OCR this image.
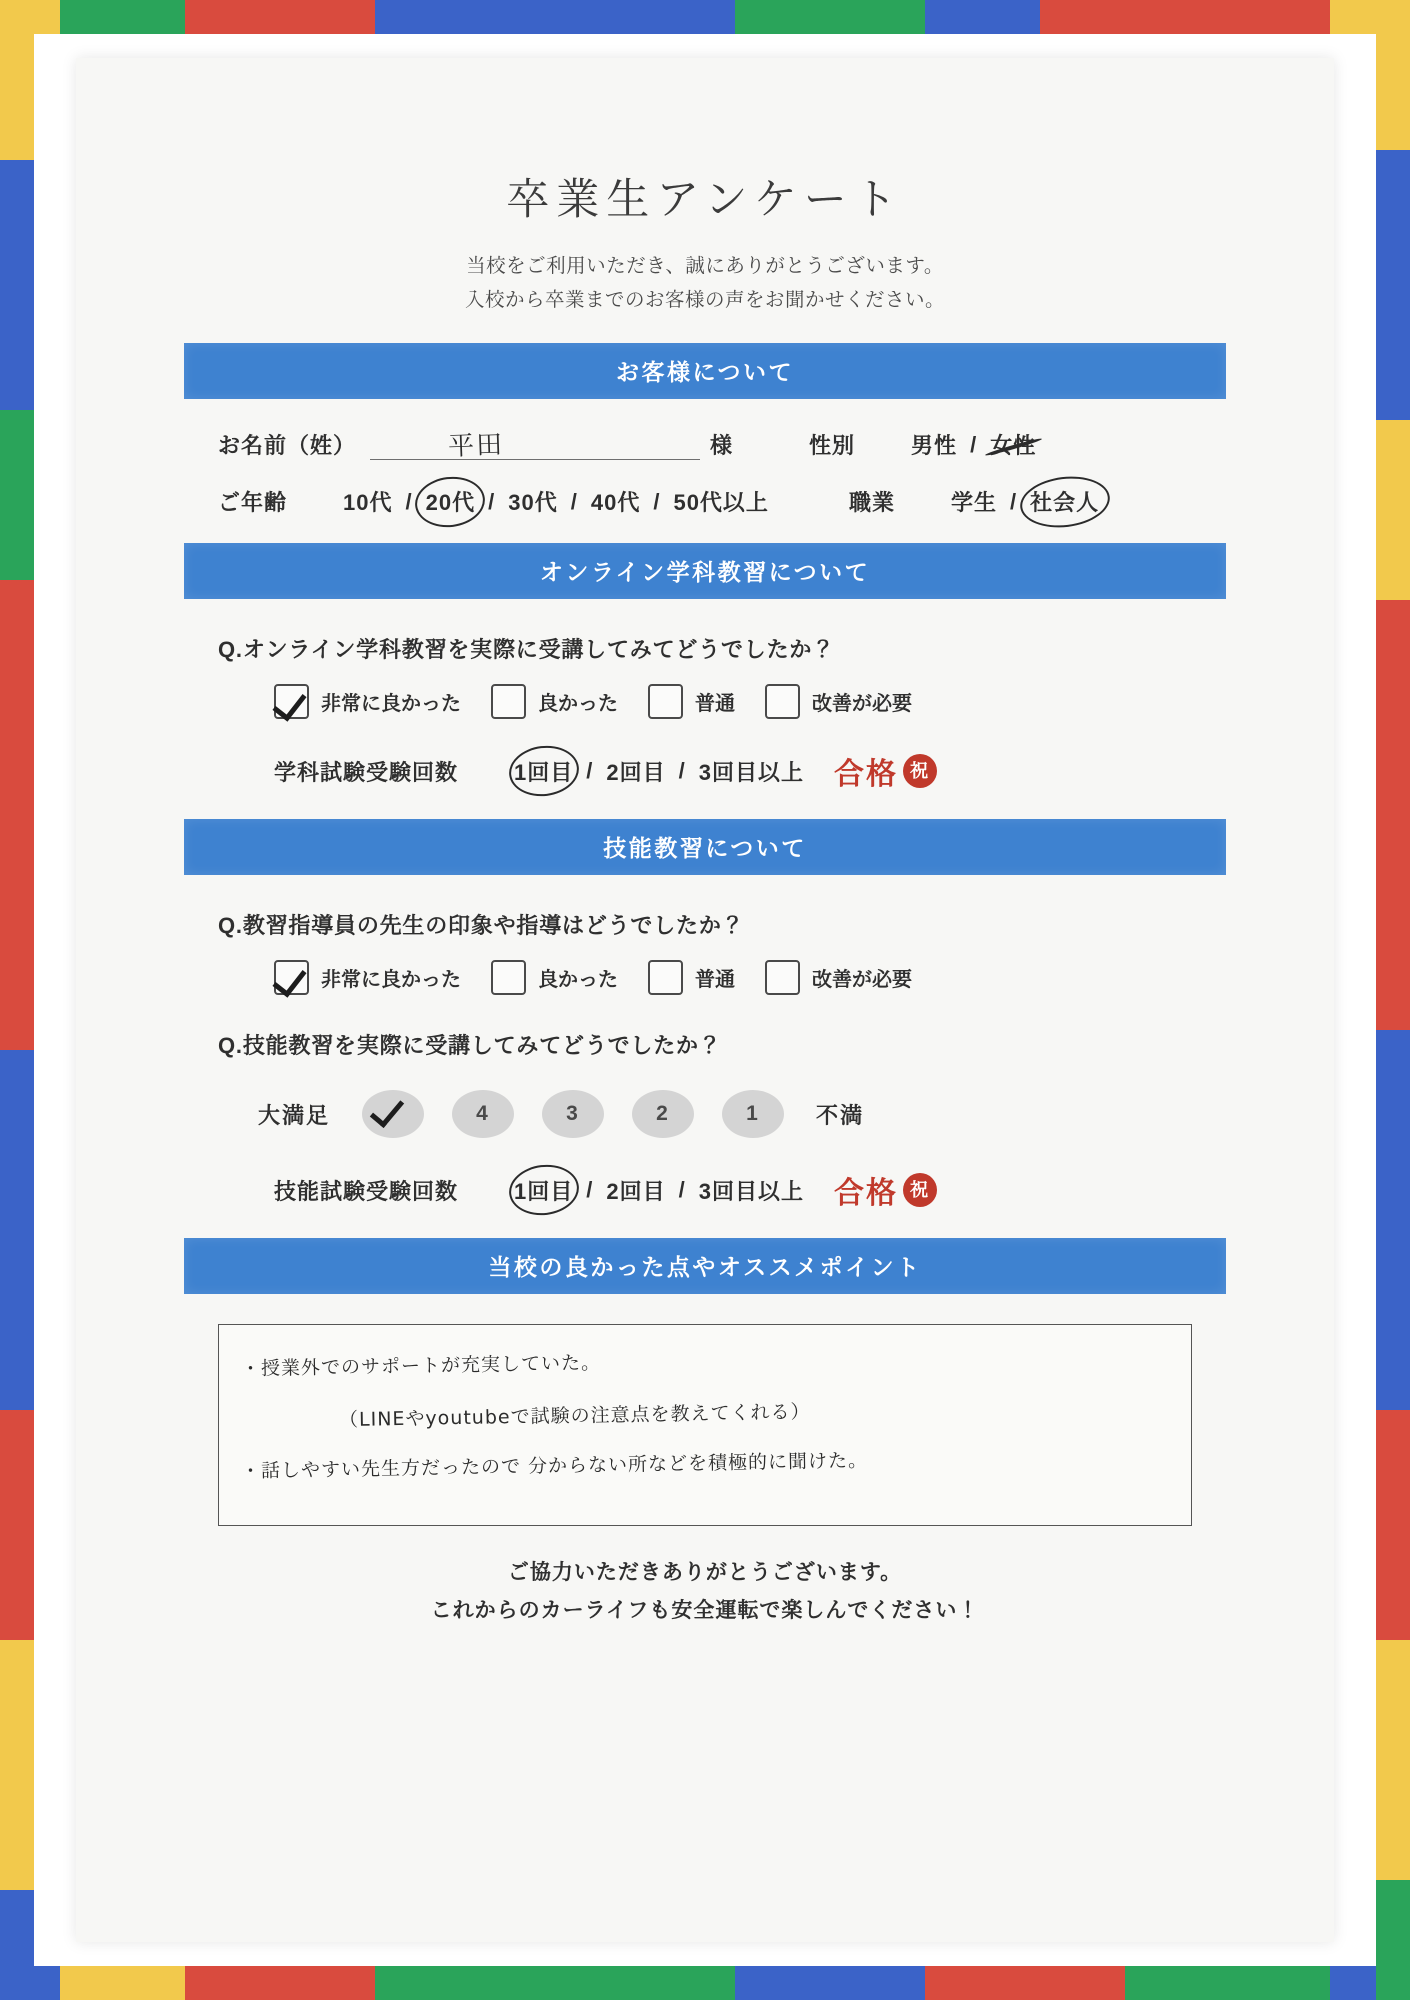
卒業生アンケート
当校をご利用いただき、誠にありがとうございます。
入校から卒業までのお客様の声をお聞かせください。
お客様について
お名前（姓）	平田	様	性別	男性 / 女性
ご年齢	10代 / 20代 / 30代 / 40代 / 50代以上	職業	学生 / 社会人
オンライン学科教習について
Q.オンライン学科教習を実際に受講してみてどうでしたか？
非常に良かった	良かった	普通	改善が必要
学科試験受験回数	1回目 / 2回目 / 3回目以上 合格 祝
技能教習について
Q.教習指導員の先生の印象や指導はどうでしたか？
非常に良かった	良かった	普通	改善が必要
Q.技能教習を実際に受講してみてどうでしたか？
大満足	4	3	2	1	不満
技能試験受験回数	1回目 / 2回目 / 3回目以上 合格 祝
当校の良かった点やオススメポイント
・授業外でのサポートが充実していた。
（LINEやyoutubeで試験の注意点を教えてくれる）
・話しやすい先生方だったので 分からない所などを積極的に聞けた。
ご協力いただきありがとうございます。
これからのカーライフも安全運転で楽しんでください！
